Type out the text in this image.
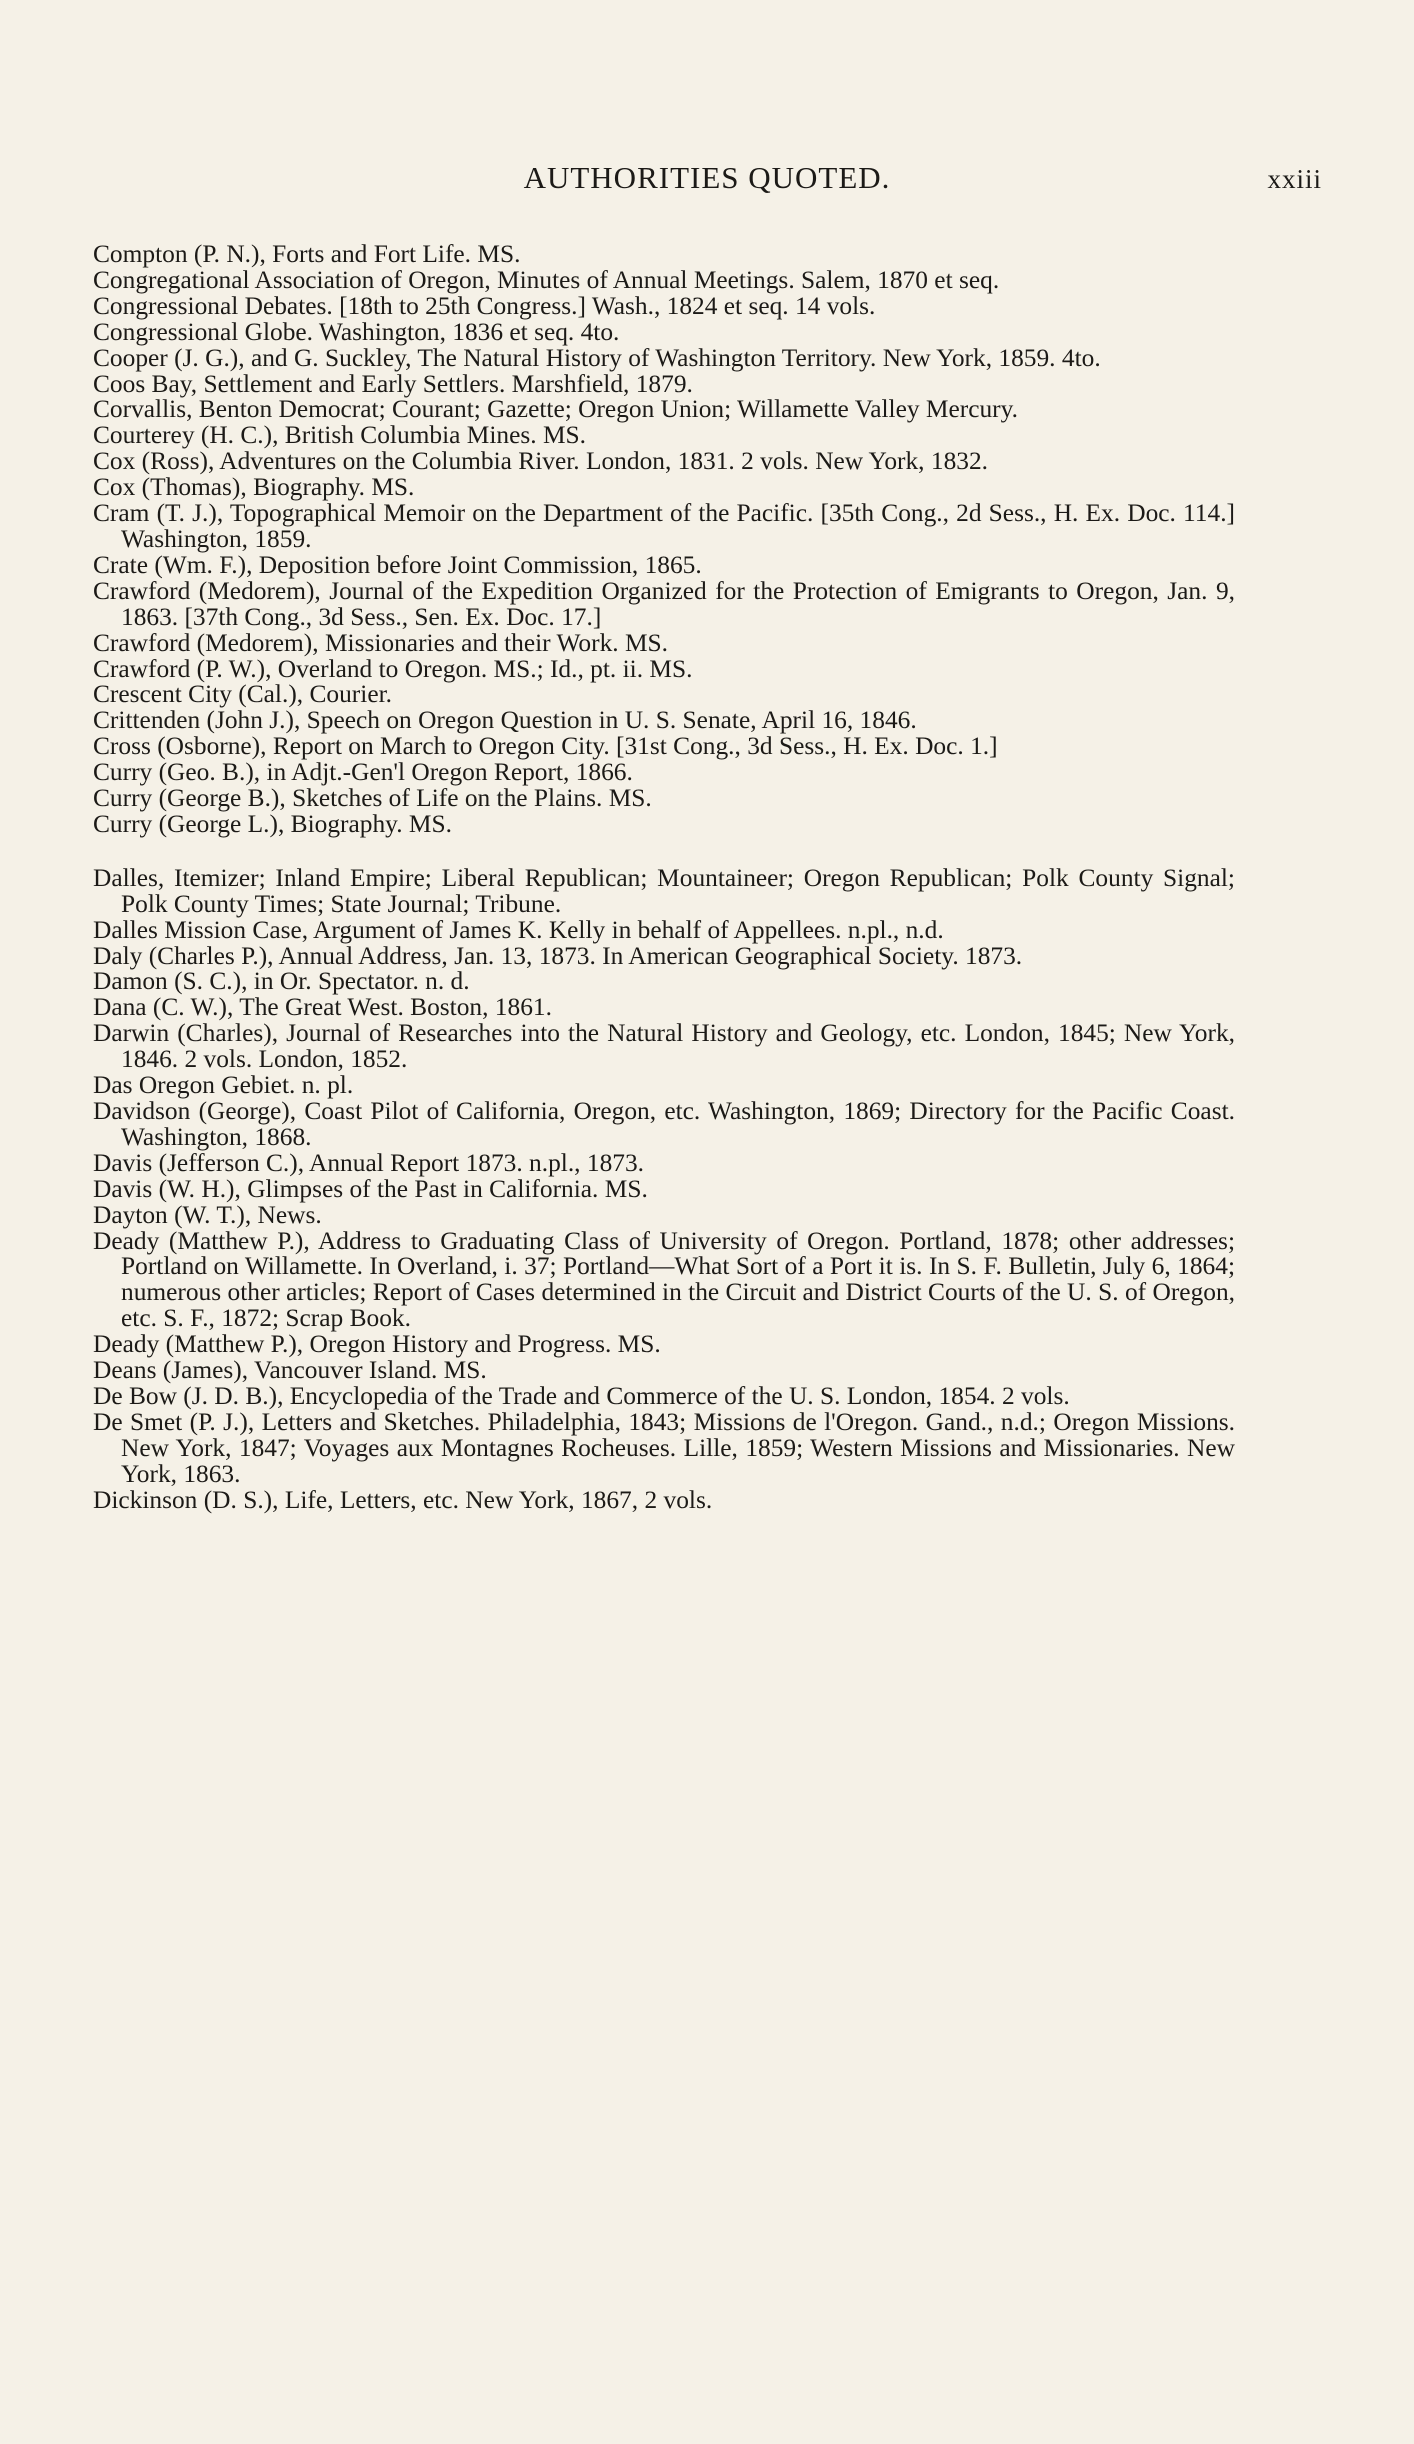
AUTHORITIES QUOTED.	xxiii

Compton (P. N.), Forts and Fort Life. MS.

Congregational Association of Oregon, Minutes of Annual Meetings. Salem, 1870 et seq.

Congressional Debates. [18th to 25th Congress.] Wash., 1824 et seq. 14 vols.

Congressional Globe. Washington, 1836 et seq. 4to.

Cooper (J. G.), and G. Suckley, The Natural History of Washington Territory. New York, 1859. 4to.

Coos Bay, Settlement and Early Settlers. Marshfield, 1879.

Corvallis, Benton Democrat; Courant; Gazette; Oregon Union; Willamette Valley Mercury.

Courterey (H. C.), British Columbia Mines. MS.

Cox (Ross), Adventures on the Columbia River. London, 1831. 2 vols. New York, 1832.

Cox (Thomas), Biography. MS.

Cram (T. J.), Topographical Memoir on the Department of the Pacific. [35th Cong., 2d Sess., H. Ex. Doc. 114.] Washington, 1859.

Crate (Wm. F.), Deposition before Joint Commission, 1865.

Crawford (Medorem), Journal of the Expedition Organized for the Protection of Emigrants to Oregon, Jan. 9, 1863. [37th Cong., 3d Sess., Sen. Ex. Doc. 17.]

Crawford (Medorem), Missionaries and their Work. MS.

Crawford (P. W.), Overland to Oregon. MS.; Id., pt. ii. MS.

Crescent City (Cal.), Courier.

Crittenden (John J.), Speech on Oregon Question in U. S. Senate, April 16, 1846.

Cross (Osborne), Report on March to Oregon City. [31st Cong., 3d Sess., H. Ex. Doc. 1.]

Curry (Geo. B.), in Adjt.-Gen'l Oregon Report, 1866.

Curry (George B.), Sketches of Life on the Plains. MS.

Curry (George L.), Biography. MS.

Dalles, Itemizer; Inland Empire; Liberal Republican; Mountaineer; Oregon Republican; Polk County Signal; Polk County Times; State Journal; Tribune.

Dalles Mission Case, Argument of James K. Kelly in behalf of Appellees. n.pl., n.d.

Daly (Charles P.), Annual Address, Jan. 13, 1873. In American Geographical Society. 1873.

Damon (S. C.), in Or. Spectator. n. d.

Dana (C. W.), The Great West. Boston, 1861.

Darwin (Charles), Journal of Researches into the Natural History and Geology, etc. London, 1845; New York, 1846. 2 vols. London, 1852.

Das Oregon Gebiet. n. pl.

Davidson (George), Coast Pilot of California, Oregon, etc. Washington, 1869; Directory for the Pacific Coast. Washington, 1868.

Davis (Jefferson C.), Annual Report 1873. n.pl., 1873.

Davis (W. H.), Glimpses of the Past in California. MS.

Dayton (W. T.), News.

Deady (Matthew P.), Address to Graduating Class of University of Oregon. Portland, 1878; other addresses; Portland on Willamette. In Overland, i. 37; Portland—What Sort of a Port it is. In S. F. Bulletin, July 6, 1864; numerous other articles; Report of Cases determined in the Circuit and District Courts of the U. S. of Oregon, etc. S. F., 1872; Scrap Book.

Deady (Matthew P.), Oregon History and Progress. MS.

Deans (James), Vancouver Island. MS.

De Bow (J. D. B.), Encyclopedia of the Trade and Commerce of the U. S. London, 1854. 2 vols.

De Smet (P. J.), Letters and Sketches. Philadelphia, 1843; Missions de l'Oregon. Gand., n.d.; Oregon Missions. New York, 1847; Voyages aux Montagnes Rocheuses. Lille, 1859; Western Missions and Missionaries. New York, 1863.

Dickinson (D. S.), Life, Letters, etc. New York, 1867, 2 vols.
